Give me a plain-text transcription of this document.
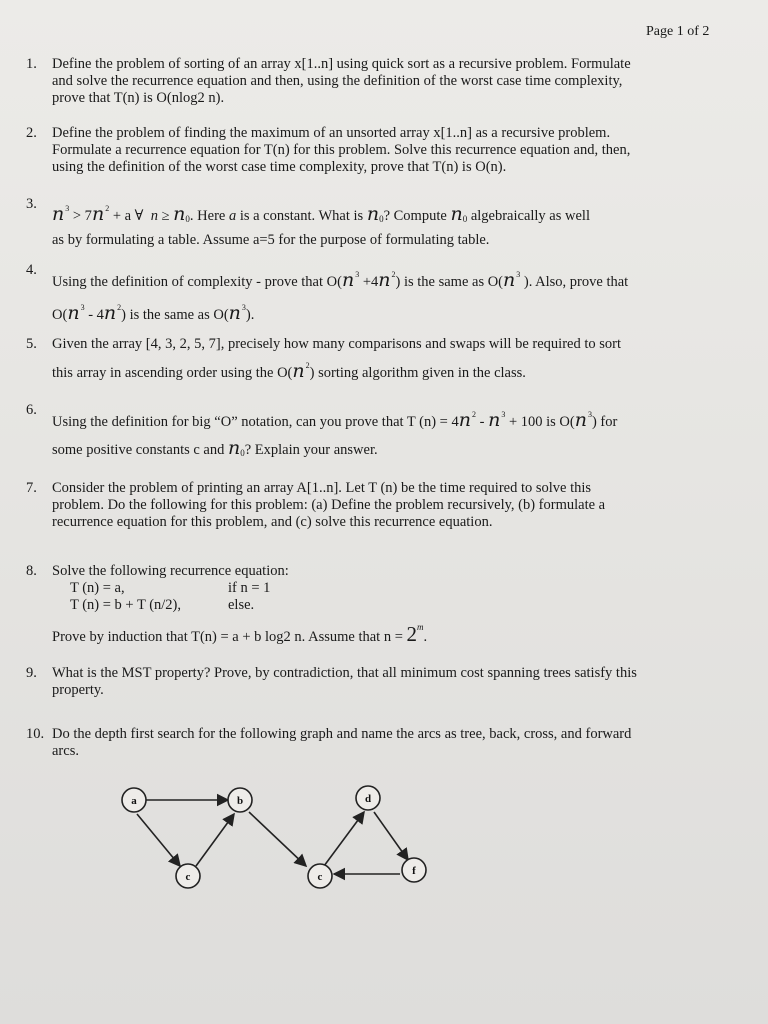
Page 1 of 2
1. Define the problem of sorting of an array x[1..n] using quick sort as a recursive problem. Formulate
and solve the recurrence equation and then, using the definition of the worst case time complexity,
prove that T(n) is O(nlog2 n).
2. Define the problem of finding the maximum of an unsorted array x[1..n] as a recursive problem.
Formulate a recurrence equation for T(n) for this problem. Solve this recurrence equation and, then,
using the definition of the worst case time complexity, prove that T(n) is O(n).
3. $n^3 > 7n^2 + a$ ∀ $n \ge n_0$. Here a is a constant. What is $n_0$? Compute $n_0$ algebraically as well
as by formulating a table. Assume a=5 for the purpose of formulating table.
4.
Using the definition of complexity - prove that $O(n^3 +4n^2)$ is the same as $O(n^3$ ). Also, prove that
$O(n^3 - 4n^2)$ is the same as $O(n^3)$.
5. Given the array [4, 3, 2, 5, 7], precisely how many comparisons and swaps will be required to sort
this array in ascending order using the $O(n^2)$ sorting algorithm given in the class.
6.
Using the definition for big “O” notation, can you prove that T $(n) = 4n^2 - n^3 + 100$ is $O(n^3)$ for
some positive constants c and $n_0$? Explain your answer.
7. Consider the problem of printing an array A[1..n]. Let T (n) be the time required to solve this
problem. Do the following for this problem: (a) Define the problem recursively, (b) formulate a
recurrence equation for this problem, and (c) solve this recurrence equation.
8. Solve the following recurrence equation:
T (n) = a,	if n = 1
T (n) = b + T (n/2),	else.
Prove by induction that T(n) = a + b log2 n. Assume that $n = 2^m$.
9. What is the MST property? Prove, by contradiction, that all minimum cost spanning trees satisfy this
property.
10. Do the depth first search for the following graph and name the arcs as tree, back, cross, and forward
arcs.
a	b	d
c	c	f
